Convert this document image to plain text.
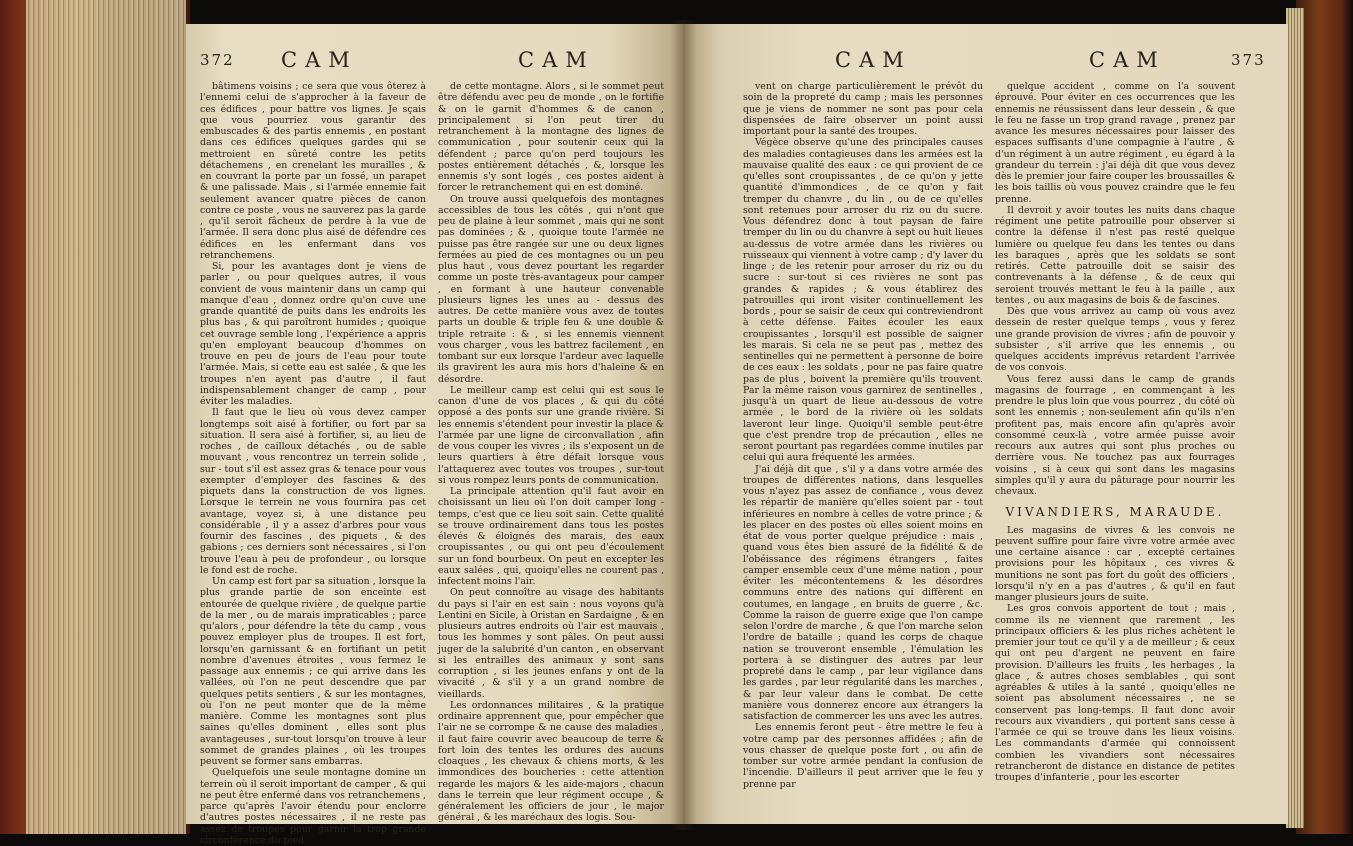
372 CAM	CAM

bâtimens voisins ; ce sera que vous ôterez à l'ennemi celui de s'approcher à la faveur de ces édifices , pour battre vos lignes. Je sçais que vous pourriez vous garantir des embuscades & des partis ennemis , en postant dans ces édifices quelques gardes qui se mettroient en sûreté contre les petits détachemens , en crenelant les murailles , & en couvrant la porte par un fossé, un parapet & une palissade. Mais , si l'armée ennemie fait seulement avancer quatre pièces de canon contre ce poste , vous ne sauverez pas la garde , qu'il seroit fâcheux de perdre à la vue de l'armée. Il sera donc plus aisé de défendre ces édifices en les enfermant dans vos retranchemens.

Si, pour les avantages dont je viens de parler , ou pour quelques autres, il vous convient de vous maintenir dans un camp qui manque d'eau , donnez ordre qu'on cuve une grande quantité de puits dans les endroits les plus bas , & qui paroîtront humides ; quoique cet ouvrage semble long , l'expérience a appris qu'en employant beaucoup d'hommes on trouve en peu de jours de l'eau pour toute l'armée. Mais, si cette eau est salée , & que les troupes n'en ayent pas d'autre , il faut indispensablement changer de camp , pour éviter les maladies.

Il faut que le lieu où vous devez camper longtemps soit aisé à fortifier, ou fort par sa situation. Il sera aisé à fortifier, si, au lieu de roches , de cailloux détachés , ou de sable mouvant , vous rencontrez un terrein solide , sur - tout s'il est assez gras & tenace pour vous exempter d'employer des fascines & des piquets dans la construction de vos lignes. Lorsque le terrein ne vous fournira pas cet avantage, voyez si, à une distance peu considérable , il y a assez d'arbres pour vous fournir des fascines , des piquets , & des gabions ; ces derniers sont nécessaires , si l'on trouve l'eau à peu de profondeur , ou lorsque le fond est de roche.

Un camp est fort par sa situation , lorsque la plus grande partie de son enceinte est entourée de quelque rivière , de quelque partie de la mer , ou de marais impraticables ; parce qu'alors , pour défendre la tête du camp , vous pouvez employer plus de troupes. Il est fort, lorsqu'en garnissant & en fortifiant un petit nombre d'avenues étroites , vous fermez le passage aux ennemis ; ce qui arrive dans les vallées, où l'on ne peut descendre que par quelques petits sentiers , & sur les montagnes, où l'on ne peut monter que de la même manière. Comme les montagnes sont plus saines qu'elles dominent , elles sont plus avantageuses , sur-tout lorsqu'on trouve à leur sommet de grandes plaines , où les troupes peuvent se former sans embarras.

Quelquefois une seule montagne domine un terrein où il seroit important de camper , & qui ne peut être enfermé dans vos retranchemens , parce qu'après l'avoir étendu pour enclorre d'autres postes nécessaires , il ne reste pas assez de troupes pour garnir la trop grande circonférence du pied

de cette montagne. Alors , si le sommet peut être défendu avec peu de monde , on le fortifie & on le garnit d'hommes & de canon , principalement si l'on peut tirer du retranchement à la montagne des lignes de communication , pour soutenir ceux qui la défendent ; parce qu'on perd toujours les postes entièrement détachés , &, lorsque les ennemis s'y sont logés , ces postes aident à forcer le retranchement qui en est dominé.

On trouve aussi quelquefois des montagnes accessibles de tous les côtés , qui n'ont que peu de plaine à leur sommet , mais qui ne sont pas dominées ; & , quoique toute l'armée ne puisse pas être rangée sur une ou deux lignes fermées au pied de ces montagnes ou un peu plus haut , vous devez pourtant les regarder comme un poste très-avantageux pour camper , en formant à une hauteur convenable plusieurs lignes les unes au - dessus des autres. De cette manière vous avez de toutes parts un double & triple feu & une double & triple retraite : & , si les ennemis viennent vous charger , vous les battrez facilement , en tombant sur eux lorsque l'ardeur avec laquelle ils gravirent les aura mis hors d'haleine & en désordre.

Le meilleur camp est celui qui est sous le canon d'une de vos places , & qui du côté opposé a des ponts sur une grande rivière. Si les ennemis s'étendent pour investir la place & l'armée par une ligne de circonvallation , afin de vous couper les vivres ; ils s'exposent un de leurs quartiers à être défait lorsque vous l'attaquerez avec toutes vos troupes , sur-tout si vous rompez leurs ponts de communication.

La principale attention qu'il faut avoir en choisissant un lieu où l'on doit camper long - temps, c'est que ce lieu soit sain. Cette qualité se trouve ordinairement dans tous les postes élevés & éloignés des marais, des eaux croupissantes , ou qui ont peu d'écoulement sur un fond bourbeux. On peut en excepter les eaux salées , qui, quoiqu'elles ne courent pas , infectent moins l'air.

On peut connoître au visage des habitants du pays si l'air en est sain : nous voyons qu'à Lentini en Sicile, à Oristan en Sardaigne , & en plusieurs autres endroits où l'air est mauvais , tous les hommes y sont pâles. On peut aussi juger de la salubrité d'un canton , en observant si les entrailles des animaux y sont sans corruption , si les jeunes enfans y ont de la vivacité , & s'il y a un grand nombre de vieillards.

Les ordonnances militaires , & la pratique ordinaire apprennent que, pour empêcher que l'air ne se corrompe & ne cause des maladies , il faut faire couvrir avec beaucoup de terre & fort loin des tentes les ordures des aucuns cloaques , les chevaux & chiens morts, & les immondices des boucheries : cette attention regarde les majors & les aide-majors , chacun dans le terrein que leur régiment occupe , & généralement les officiers de jour , le major général , & les maréchaux des logis. Sou-

CAM	CAM	373

vent on charge particulièrement le prévôt du soin de la propreté du camp ; mais les personnes que je viens de nommer ne sont pas pour cela dispensées de faire observer un point aussi important pour la santé des troupes.

Végèce observe qu'une des principales causes des maladies contagieuses dans les armées est la mauvaise qualité des eaux : ce qui provient de ce qu'elles sont croupissantes , de ce qu'on y jette quantité d'immondices , de ce qu'on y fait tremper du chanvre , du lin , ou de ce qu'elles sont retenues pour arroser du riz ou du sucre. Vous défendrez donc à tout paysan de faire tremper du lin ou du chanvre à sept ou huit lieues au-dessus de votre armée dans les rivières ou ruisseaux qui viennent à votre camp ; d'y laver du linge ; de les retenir pour arroser du riz ou du sucre : sur-tout si ces rivières ne sont pas grandes & rapides ; & vous établirez des patrouilles qui iront visiter continuellement les bords , pour se saisir de ceux qui contreviendront à cette défense. Faites écouler les eaux croupissantes , lorsqu'il est possible de saigner les marais. Si cela ne se peut pas , mettez des sentinelles qui ne permettent à personne de boire de ces eaux : les soldats , pour ne pas faire quatre pas de plus , boivent la première qu'ils trouvent. Par la même raison vous garnirez de sentinelles , jusqu'à un quart de lieue au-dessous de votre armée , le bord de la rivière où les soldats laveront leur linge. Quoiqu'il semble peut-être que c'est prendre trop de précaution , elles ne seront pourtant pas regardées comme inutiles par celui qui aura fréquenté les armées.

J'ai déjà dit que , s'il y a dans votre armée des troupes de différentes nations, dans lesquelles vous n'ayez pas assez de confiance , vous devez les répartir de manière qu'elles soient par - tout inférieures en nombre à celles de votre prince ; & les placer en des postes où elles soient moins en état de vous porter quelque préjudice : mais , quand vous êtes bien assuré de la fidélité & de l'obéissance des régimens étrangers , faites camper ensemble ceux d'une même nation , pour éviter les mécontentemens & les désordres communs entre des nations qui diffèrent en coutumes, en langage , en bruits de guerre , &c. Comme la raison de guerre exige que l'on campe selon l'ordre de marche , & que l'on marche selon l'ordre de bataille ; quand les corps de chaque nation se trouveront ensemble , l'émulation les portera à se distinguer des autres par leur propreté dans le camp , par leur vigilance dans les gardes , par leur régularité dans les marches , & par leur valeur dans le combat. De cette manière vous donnerez encore aux étrangers la satisfaction de commercer les uns avec les autres.

Les ennemis feront peut - être mettre le feu à votre camp par des personnes affidées ; afin de vous chasser de quelque poste fort , ou afin de tomber sur votre armée pendant la confusion de l'incendie. D'ailleurs il peut arriver que le feu y prenne par

quelque accident , comme on l'a souvent éprouvé. Pour éviter en ces occurrences que les ennemis ne réussissent dans leur dessein , & que le feu ne fasse un trop grand ravage , prenez par avance les mesures nécessaires pour laisser des espaces suffisants d'une compagnie à l'autre , & d'un régiment à un autre régiment , eu égard à la grandeur du terrein : j'ai déjà dit que vous devez dès le premier jour faire couper les broussailles & les bois taillis où vous pouvez craindre que le feu prenne.

Il devroit y avoir toutes les nuits dans chaque régiment une petite patrouille pour observer si contre la défense il n'est pas resté quelque lumière ou quelque feu dans les tentes ou dans les baraques , après que les soldats se sont retirés. Cette patrouille doit se saisir des contrevenants à la défense , & de ceux qui seroient trouvés mettant le feu à la paille , aux tentes , ou aux magasins de bois & de fascines.

Dès que vous arrivez au camp où vous avez dessein de rester quelque temps , vous y ferez une grande provision de vivres ; afin de pouvoir y subsister , s'il arrive que les ennemis , ou quelques accidents imprévus retardent l'arrivée de vos convois.

Vous ferez aussi dans le camp de grands magasins de fourrage , en commençant à les prendre le plus loin que vous pourrez , du côté où sont les ennemis ; non-seulement afin qu'ils n'en profitent pas, mais encore afin qu'après avoir consommé ceux-là , votre armée puisse avoir recours aux autres qui sont plus proches ou derrière vous. Ne touchez pas aux fourrages voisins , si à ceux qui sont dans les magasins simples qu'il y aura du pâturage pour nourrir les chevaux.

VIVANDIERS, MARAUDE.

Les magasins de vivres & les convois ne peuvent suffire pour faire vivre votre armée avec une certaine aisance : car , excepté certaines provisions pour les hôpitaux , ces vivres & munitions ne sont pas fort du goût des officiers , lorsqu'il n'y en a pas d'autres , & qu'il en faut manger plusieurs jours de suite.

Les gros convois apportent de tout ; mais , comme ils ne viennent que rarement , les principaux officiers & les plus riches achètent le premier jour tout ce qu'il y a de meilleur ; & ceux qui ont peu d'argent ne peuvent en faire provision. D'ailleurs les fruits , les herbages , la glace , & autres choses semblables , qui sont agréables & utiles à la santé , quoiqu'elles ne soient pas absolument nécessaires , ne se conservent pas long-temps. Il faut donc avoir recours aux vivandiers , qui portent sans cesse à l'armée ce qui se trouve dans les lieux voisins. Les commandants d'armée qui connoissent combien les vivandiers sont nécessaires retrancheront de distance en distance de petites troupes d'infanterie , pour les escorter
